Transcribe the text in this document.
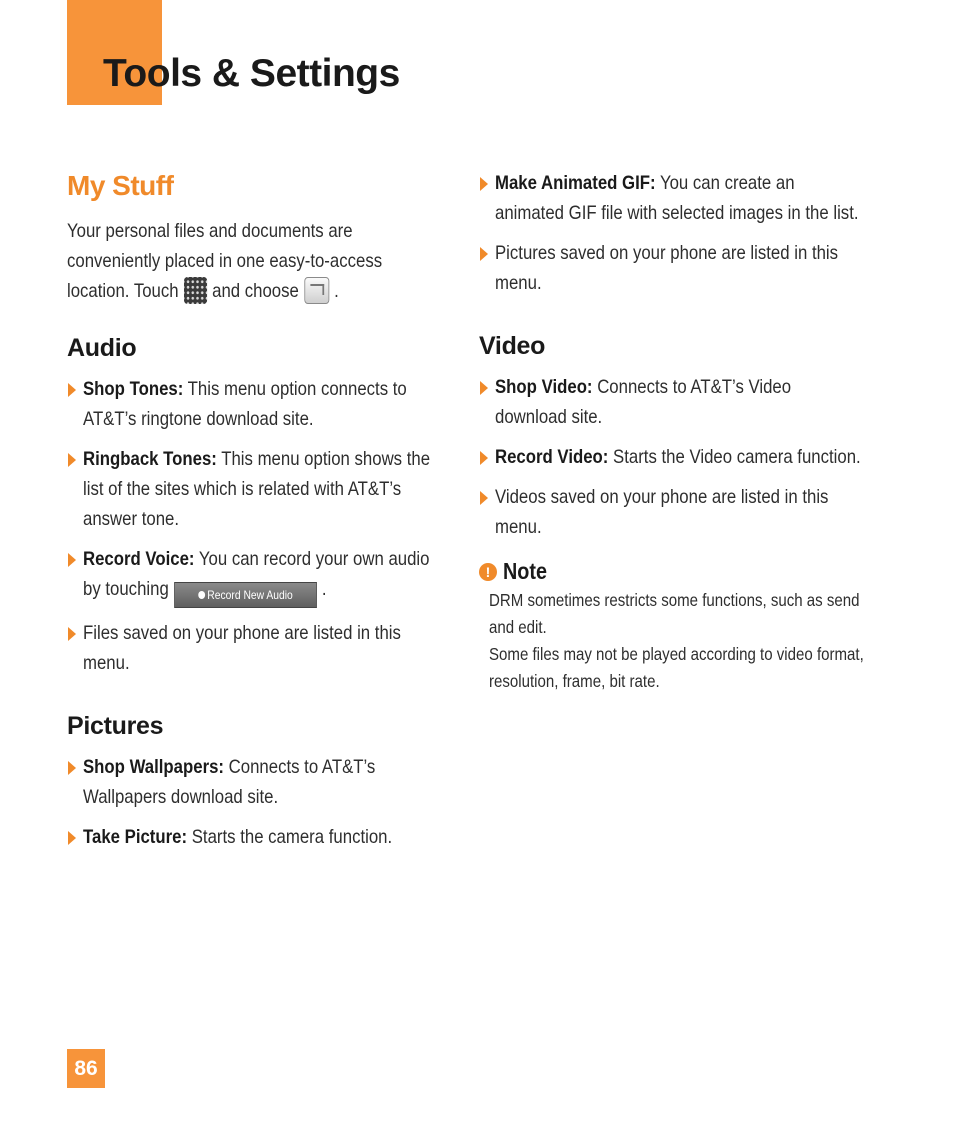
Tools & Settings
My Stuff
Your personal files and documents are
conveniently placed in one easy-to-access
location. Touch and choose .
Audio
Shop Tones: This menu option connects to AT&T’s ringtone download site.
Ringback Tones: This menu option shows the list of the sites which is related with AT&T’s answer tone.
Record Voice: You can record your own audio by touching	Record New Audio .
Files saved on your phone are listed in this menu.
Pictures
Shop Wallpapers: Connects to AT&T’s Wallpapers download site.
Take Picture: Starts the camera function.
Make Animated GIF: You can create an animated GIF file with selected images in the list.
Pictures saved on your phone are listed in this menu.
Video
Shop Video: Connects to AT&T’s Video download site.
Record Video: Starts the Video camera function.
Videos saved on your phone are listed in this menu.
! Note
DRM sometimes restricts some functions, such as send and edit.
Some files may not be played according to video format, resolution, frame, bit rate.
86
